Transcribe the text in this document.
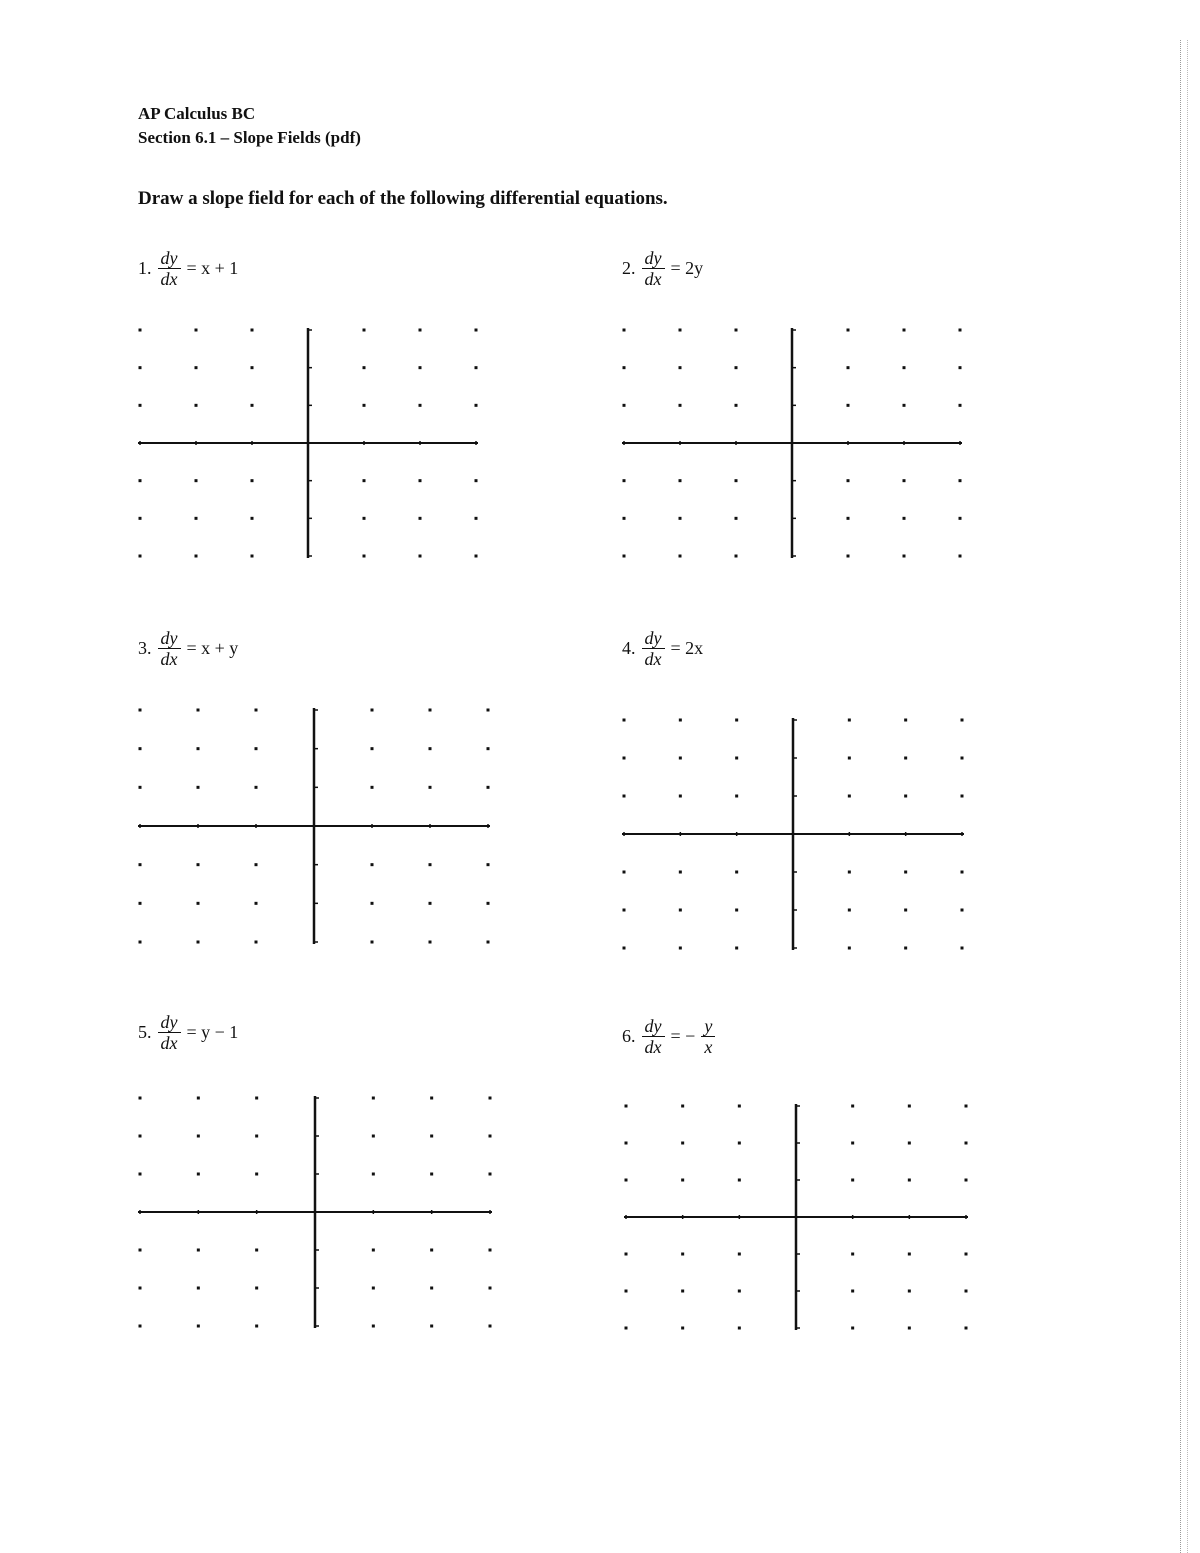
AP Calculus BC
Section 6.1 – Slope Fields (pdf)
Draw a slope field for each of the following differential equations.
1. $\frac{dy}{dx} = x + 1$	2. $\frac{dy}{dx} = 2y$
3. $\frac{dy}{dx} = x + y$	4. $\frac{dy}{dx} = 2x$
5. $\frac{dy}{dx} = y - 1$	6. $\frac{dy}{dx}$ = − $\frac{y}{x}$
